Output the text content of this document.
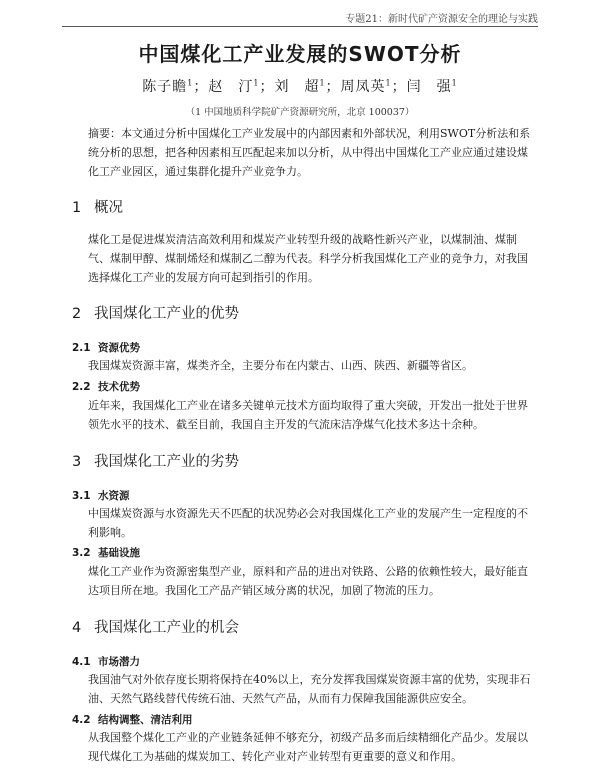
专题21：新时代矿产资源安全的理论与实践
中国煤化工产业发展的SWOT分析
陈子瞻$^1$；赵　汀$^1$；刘　超$^1$；周凤英$^1$；闫　强$^1$
（1 中国地质科学院矿产资源研究所，北京 100037）
摘要：本文通过分析中国煤化工产业发展中的内部因素和外部状况，利用SWOT分析法和系统分析的思想，把各种因素相互匹配起来加以分析，从中得出中国煤化工产业应通过建设煤化工产业园区，通过集群化提升产业竞争力。
1 概况
煤化工是促进煤炭清洁高效利用和煤炭产业转型升级的战略性新兴产业，以煤制油、煤制气、煤制甲醇、煤制烯烃和煤制乙二醇为代表。科学分析我国煤化工产业的竞争力，对我国选择煤化工产业的发展方向可起到指引的作用。
2 我国煤化工产业的优势
2.1 资源优势
我国煤炭资源丰富，煤类齐全，主要分布在内蒙古、山西、陕西、新疆等省区。
2.2 技术优势
近年来，我国煤化工产业在诸多关键单元技术方面均取得了重大突破，开发出一批处于世界领先水平的技术、截至目前，我国自主开发的气流床洁净煤气化技术多达十余种。
3 我国煤化工产业的劣势
3.1 水资源
中国煤炭资源与水资源先天不匹配的状况势必会对我国煤化工产业的发展产生一定程度的不利影响。
3.2 基础设施
煤化工产业作为资源密集型产业，原料和产品的进出对铁路、公路的依赖性较大，最好能直达项目所在地。我国化工产品产销区域分离的状况，加剧了物流的压力。
4 我国煤化工产业的机会
4.1 市场潜力
我国油气对外依存度长期将保持在40%以上，充分发挥我国煤炭资源丰富的优势，实现非石油、天然气路线替代传统石油、天然气产品，从而有力保障我国能源供应安全。
4.2 结构调整、清洁利用
从我国整个煤化工产业的产业链条延伸不够充分，初级产品多而后续精细化产品少。发展以现代煤化工为基础的煤炭加工、转化产业对产业转型有更重要的意义和作用。
